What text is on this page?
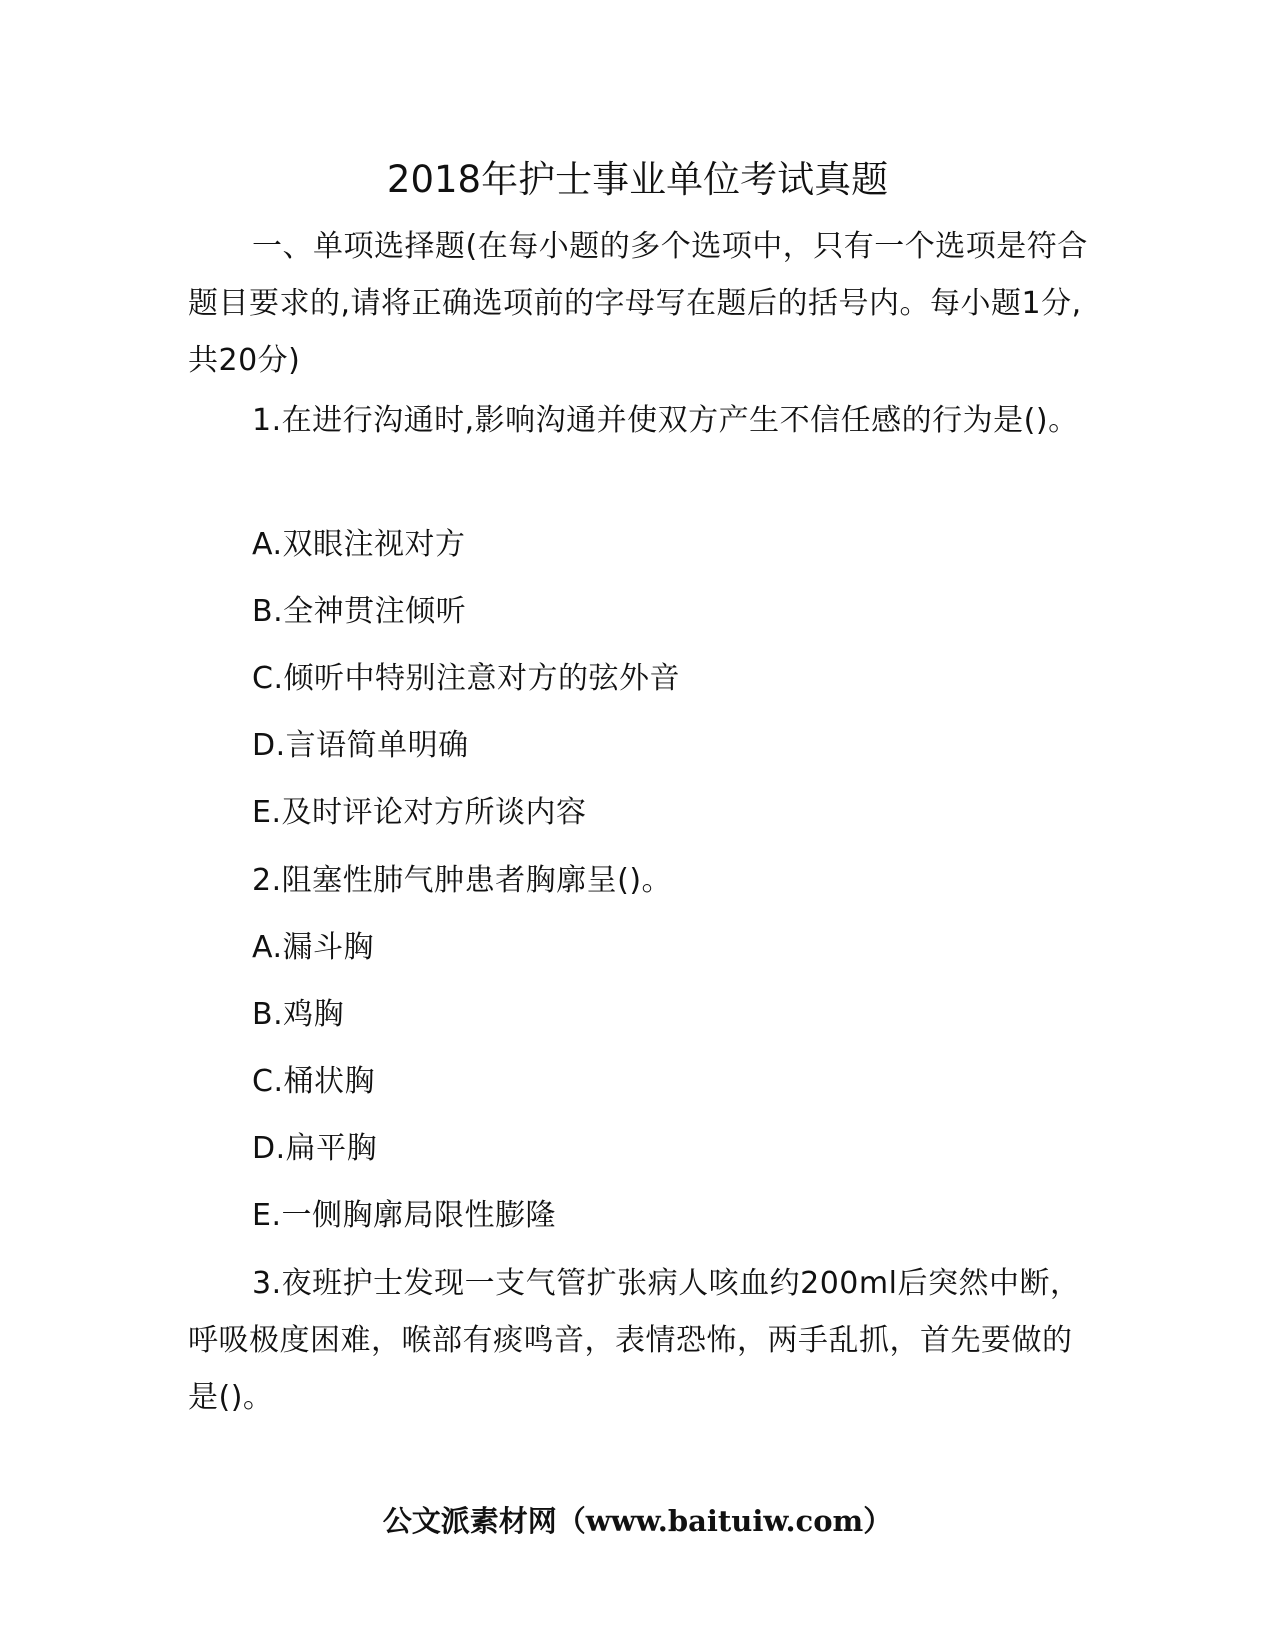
2018年护士事业单位考试真题

一、单项选择题(在每小题的多个选项中，只有一个选项是符合题目要求的,请将正确选项前的字母写在题后的括号内。每小题1分,共20分)

1.在进行沟通时,影响沟通并使双方产生不信任感的行为是()。

A.双眼注视对方

B.全神贯注倾听

C.倾听中特别注意对方的弦外音

D.言语简单明确

E.及时评论对方所谈内容

2.阻塞性肺气肿患者胸廓呈()。

A.漏斗胸

B.鸡胸

C.桶状胸

D.扁平胸

E.一侧胸廓局限性膨隆

3.夜班护士发现一支气管扩张病人咳血约200ml后突然中断，呼吸极度困难，喉部有痰鸣音，表情恐怖，两手乱抓，首先要做的是()。

公文派素材网（www.baituiw.com）
